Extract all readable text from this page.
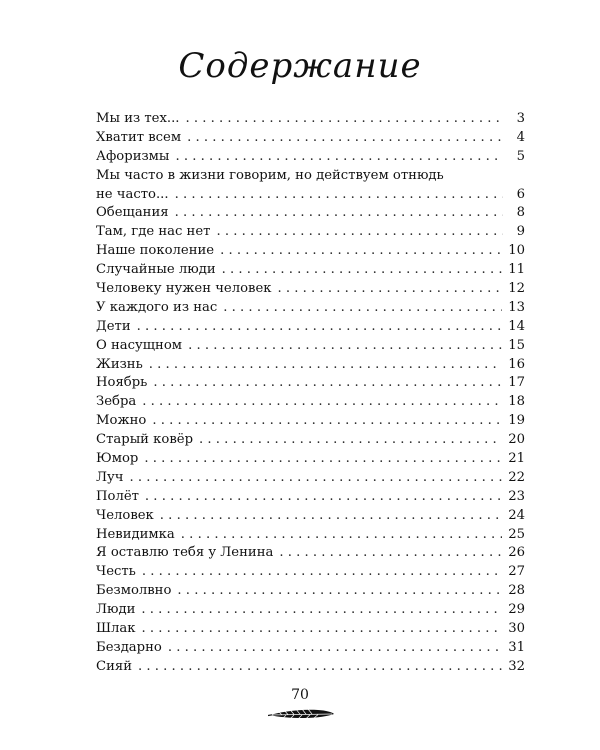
Содержание
Мы из тех... . . .	3
Хватит всем . . .	4
Афоризмы . . .	5
Мы часто в жизни говорим, но действуем отнюдь
не часто... . . .	6
Обещания . . .	8
Там, где нас нет . . .	9
Наше поколение . . .	10
Случайные люди . . .	11
Человеку нужен человек . . .	12
У каждого из нас . . .	13
Дети . . .	14
О насущном . . .	15
Жизнь . . .	16
Ноябрь . . .	17
Зебра . . .	18
Можно . . .	19
Старый ковёр . . .	20
Юмор . . .	21
Луч . . .	22
Полёт . . .	23
Человек . . .	24
Невидимка . . .	25
Я оставлю тебя у Ленина . . .	26
Честь . . .	27
Безмолвно . . .	28
Люди . . .	29
Шлак . . .	30
Бездарно . . .	31
Сияй . . .	32
70
